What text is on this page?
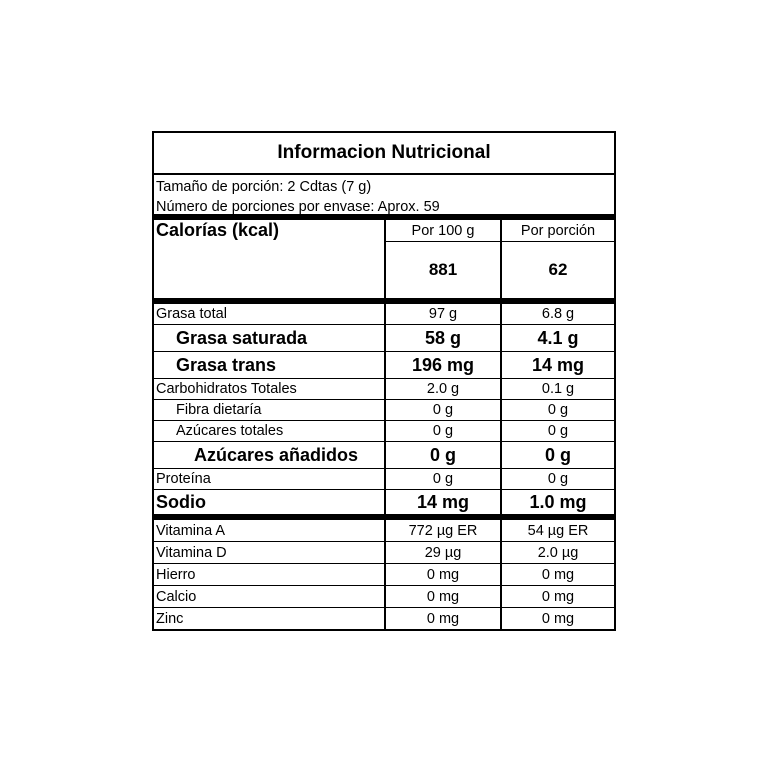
Informacion Nutricional
Tamaño de porción: 2 Cdtas (7 g)
Número de porciones por envase: Aprox. 59
Calorías (kcal)	Por 100 g	Por porción
	881	62

Grasa total	97 g	6.8 g
Grasa saturada	58 g	4.1 g
Grasa trans	196 mg	14 mg
Carbohidratos Totales	2.0 g	0.1 g
Fibra dietaría	0 g	0 g
Azúcares totales	0 g	0 g
Azúcares añadidos	0 g	0 g
Proteína	0 g	0 g
Sodio	14 mg	1.0 mg

Vitamina A	772 µg ER	54 µg ER
Vitamina D	29 µg	2.0 µg
Hierro	0 mg	0 mg
Calcio	0 mg	0 mg
Zinc	0 mg	0 mg
